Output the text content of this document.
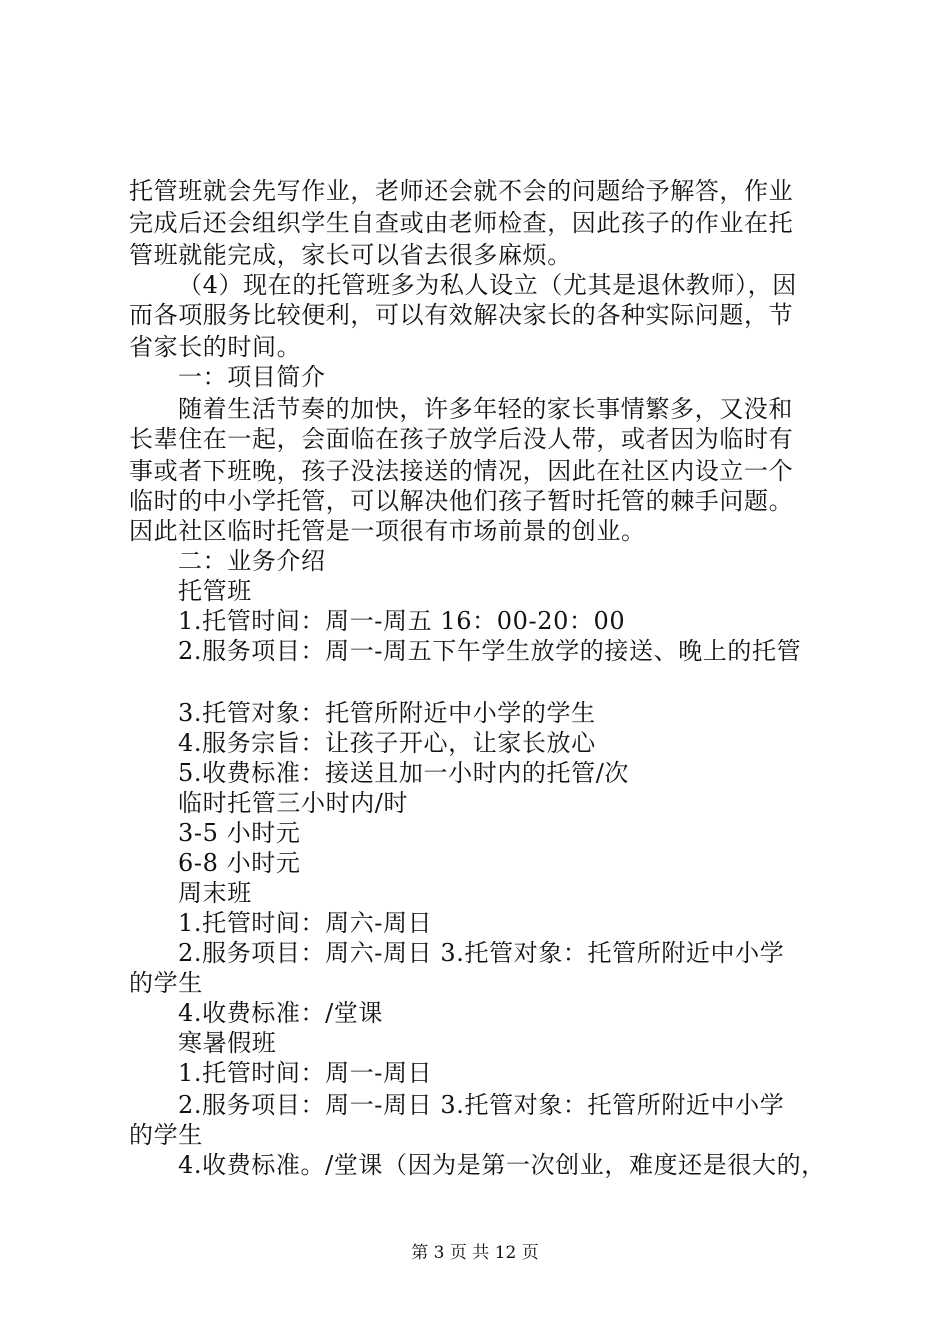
托管班就会先写作业，老师还会就不会的问题给予解答，作业
完成后还会组织学生自查或由老师检查，因此孩子的作业在托
管班就能完成，家长可以省去很多麻烦。
（4）现在的托管班多为私人设立（尤其是退休教师），因
而各项服务比较便利，可以有效解决家长的各种实际问题，节
省家长的时间。
一：项目简介
随着生活节奏的加快，许多年轻的家长事情繁多，又没和
长辈住在一起，会面临在孩子放学后没人带，或者因为临时有
事或者下班晚，孩子没法接送的情况，因此在社区内设立一个
临时的中小学托管，可以解决他们孩子暂时托管的棘手问题。
因此社区临时托管是一项很有市场前景的创业。
二：业务介绍
托管班
1.托管时间：周一-周五 16：00-20：00
2.服务项目：周一-周五下午学生放学的接送、晚上的托管
3.托管对象：托管所附近中小学的学生
4.服务宗旨：让孩子开心，让家长放心
5.收费标准：接送且加一小时内的托管/次
临时托管三小时内/时
3-5 小时元
6-8 小时元
周末班
1.托管时间：周六-周日
2.服务项目：周六-周日 3.托管对象：托管所附近中小学
的学生
4.收费标准：/堂课
寒暑假班
1.托管时间：周一-周日
2.服务项目：周一-周日 3.托管对象：托管所附近中小学
的学生
4.收费标准。/堂课（因为是第一次创业，难度还是很大的，
第 3 页 共 12 页
